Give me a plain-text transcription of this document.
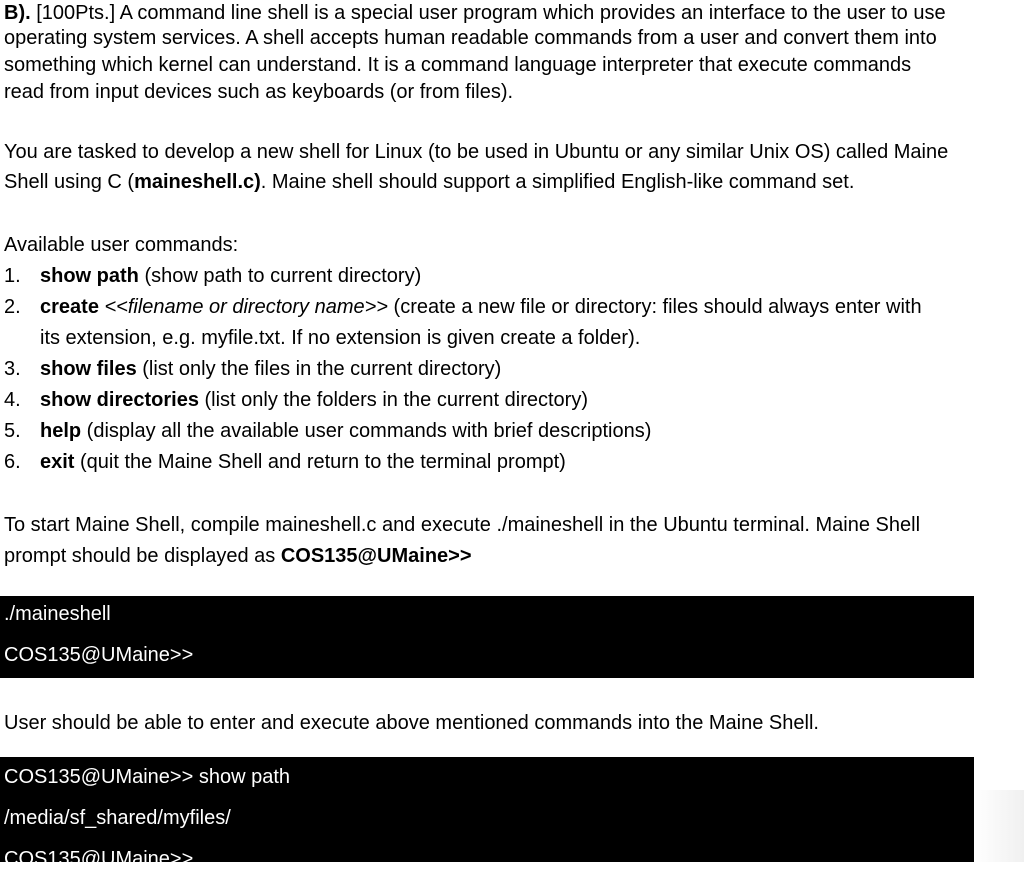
B). [100Pts.] A command line shell is a special user program which provides an interface to the user to use
operating system services. A shell accepts human readable commands from a user and convert them into
something which kernel can understand. It is a command language interpreter that execute commands
read from input devices such as keyboards (or from files).
You are tasked to develop a new shell for Linux (to be used in Ubuntu or any similar Unix OS) called Maine
Shell using C (maineshell.c). Maine shell should support a simplified English-like command set.
Available user commands:
1. show path (show path to current directory)
2. create <<filename or directory name>> (create a new file or directory: files should always enter with
its extension, e.g. myfile.txt. If no extension is given create a folder).
3. show files (list only the files in the current directory)
4. show directories (list only the folders in the current directory)
5. help (display all the available user commands with brief descriptions)
6. exit (quit the Maine Shell and return to the terminal prompt)
To start Maine Shell, compile maineshell.c and execute ./maineshell in the Ubuntu terminal. Maine Shell
prompt should be displayed as COS135@UMaine>>
./maineshell
COS135@UMaine>>
User should be able to enter and execute above mentioned commands into the Maine Shell.
COS135@UMaine>> show path
/media/sf_shared/myfiles/
COS135@UMaine>>
